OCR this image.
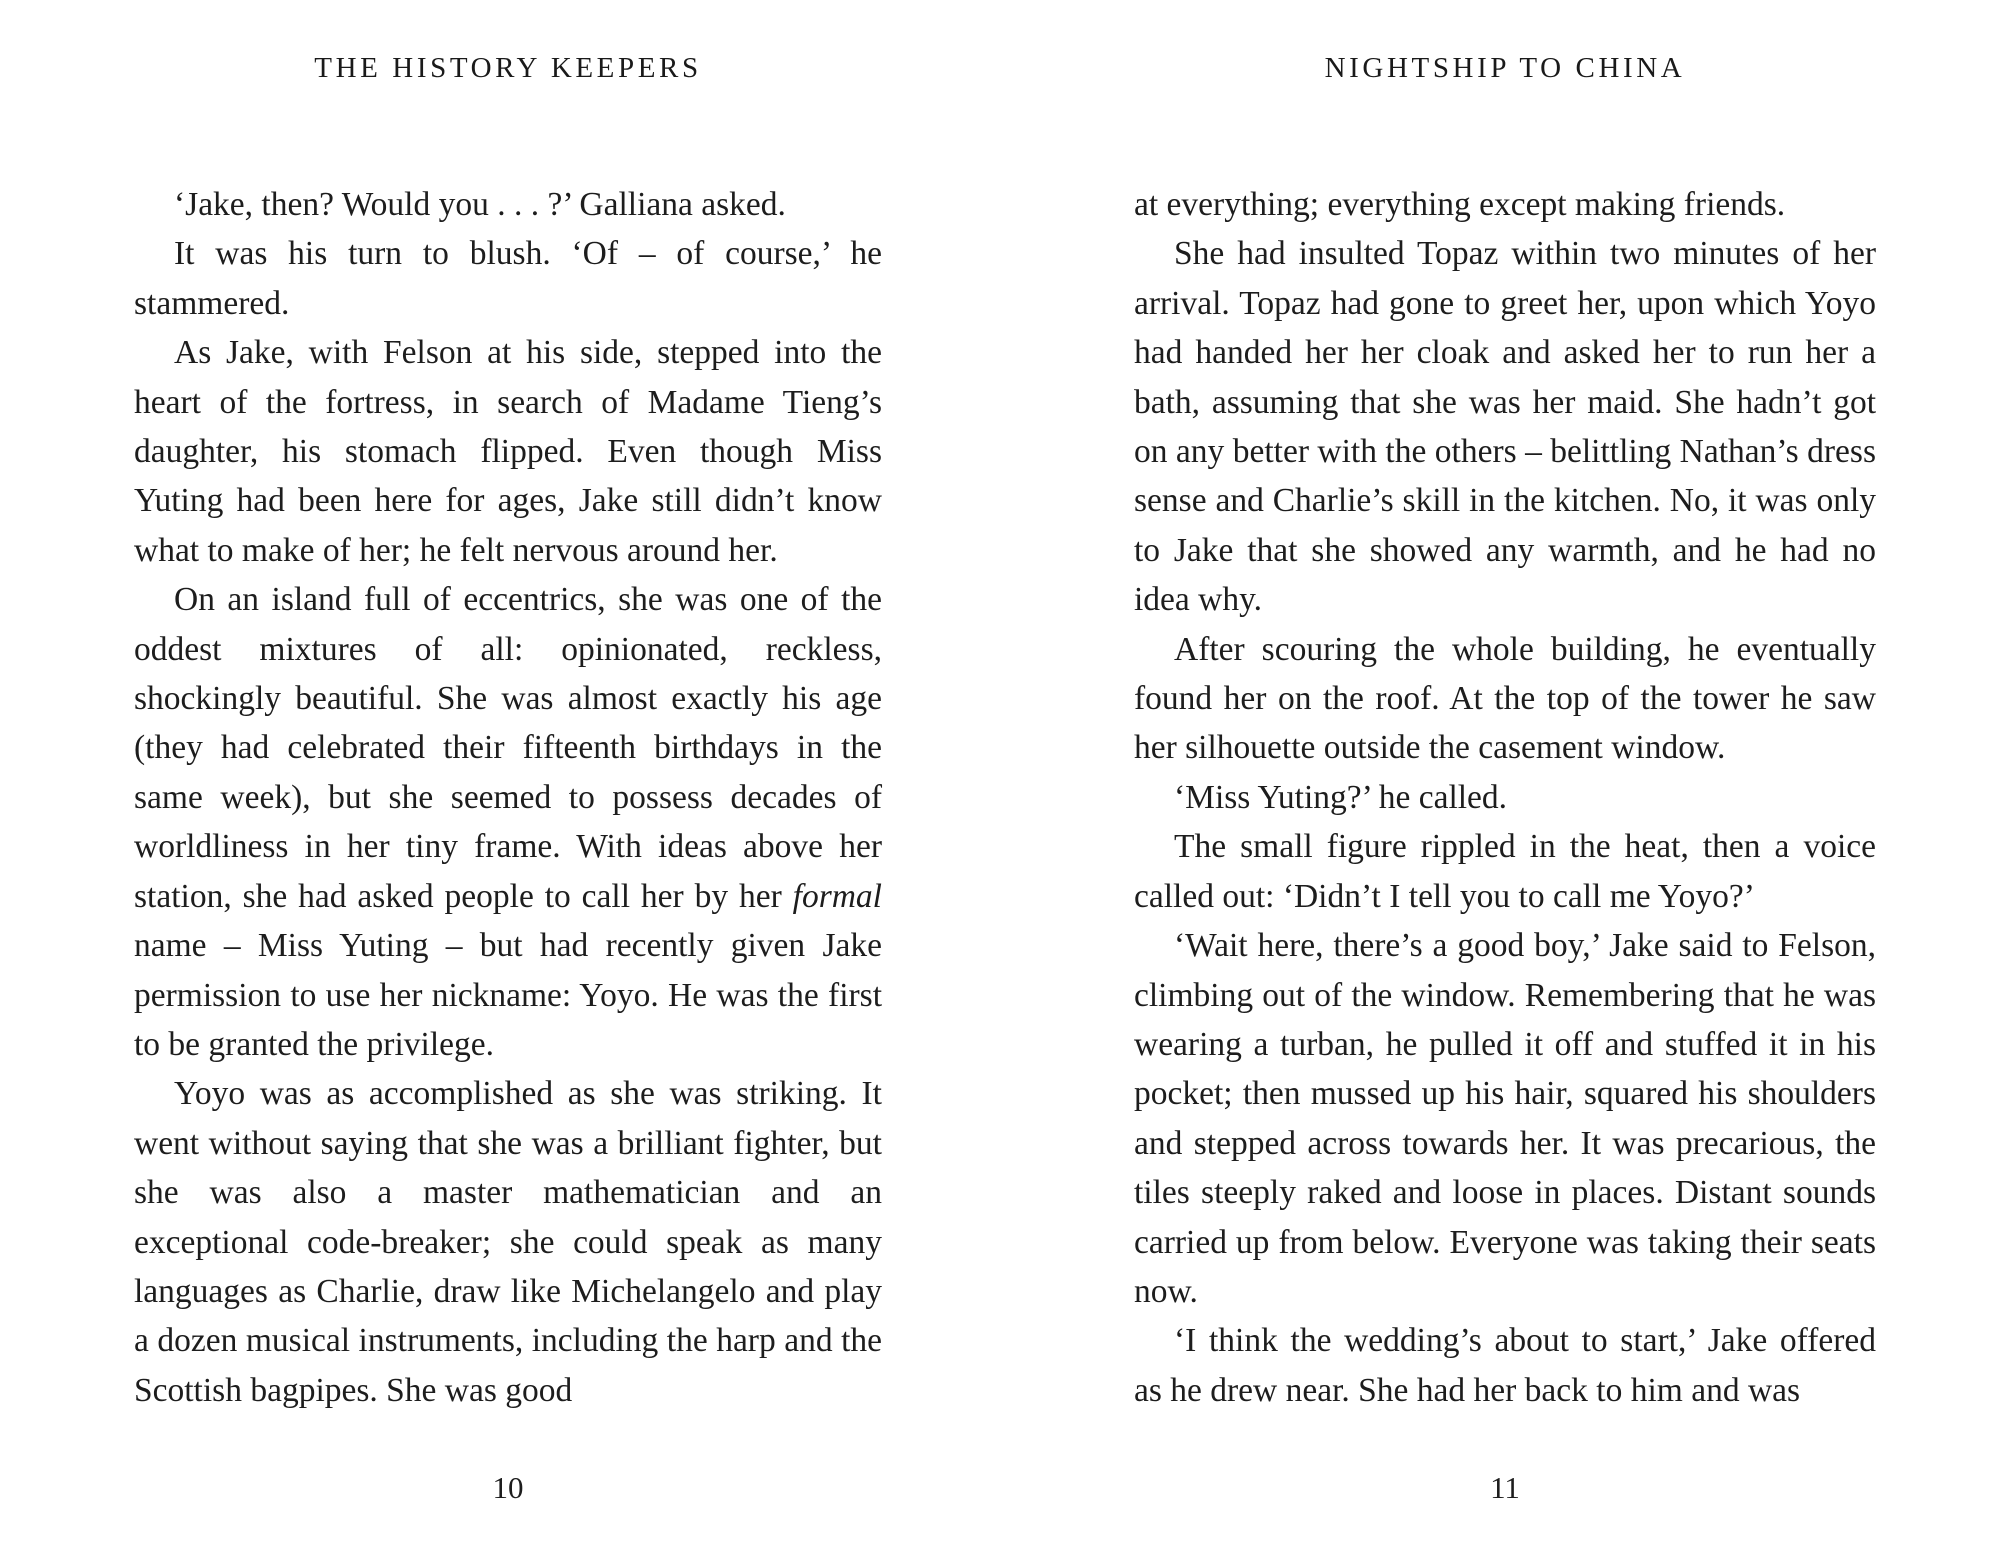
THE HISTORY KEEPERS

‘Jake, then? Would you . . . ?’ Galliana asked.

It was his turn to blush. ‘Of – of course,’ he stammered.

As Jake, with Felson at his side, stepped into the heart of the fortress, in search of Madame Tieng’s daughter, his stomach flipped. Even though Miss Yuting had been here for ages, Jake still didn’t know what to make of her; he felt nervous around her.

On an island full of eccentrics, she was one of the oddest mixtures of all: opinionated, reckless, shockingly beautiful. She was almost exactly his age (they had celebrated their fifteenth birthdays in the same week), but she seemed to possess decades of worldliness in her tiny frame. With ideas above her station, she had asked people to call her by her formal name – Miss Yuting – but had recently given Jake permission to use her nickname: Yoyo. He was the first to be granted the privilege.

Yoyo was as accomplished as she was striking. It went without saying that she was a brilliant fighter, but she was also a master mathematician and an exceptional code-breaker; she could speak as many languages as Charlie, draw like Michelangelo and play a dozen musical instruments, including the harp and the Scottish bagpipes. She was good

10
NIGHTSHIP TO CHINA

at everything; everything except making friends.

She had insulted Topaz within two minutes of her arrival. Topaz had gone to greet her, upon which Yoyo had handed her her cloak and asked her to run her a bath, assuming that she was her maid. She hadn’t got on any better with the others – belittling Nathan’s dress sense and Charlie’s skill in the kitchen. No, it was only to Jake that she showed any warmth, and he had no idea why.

After scouring the whole building, he eventually found her on the roof. At the top of the tower he saw her silhouette outside the casement window.

‘Miss Yuting?’ he called.

The small figure rippled in the heat, then a voice called out: ‘Didn’t I tell you to call me Yoyo?’

‘Wait here, there’s a good boy,’ Jake said to Felson, climbing out of the window. Remembering that he was wearing a turban, he pulled it off and stuffed it in his pocket; then mussed up his hair, squared his shoulders and stepped across towards her. It was precarious, the tiles steeply raked and loose in places. Distant sounds carried up from below. Everyone was taking their seats now.

‘I think the wedding’s about to start,’ Jake offered as he drew near. She had her back to him and was

11
